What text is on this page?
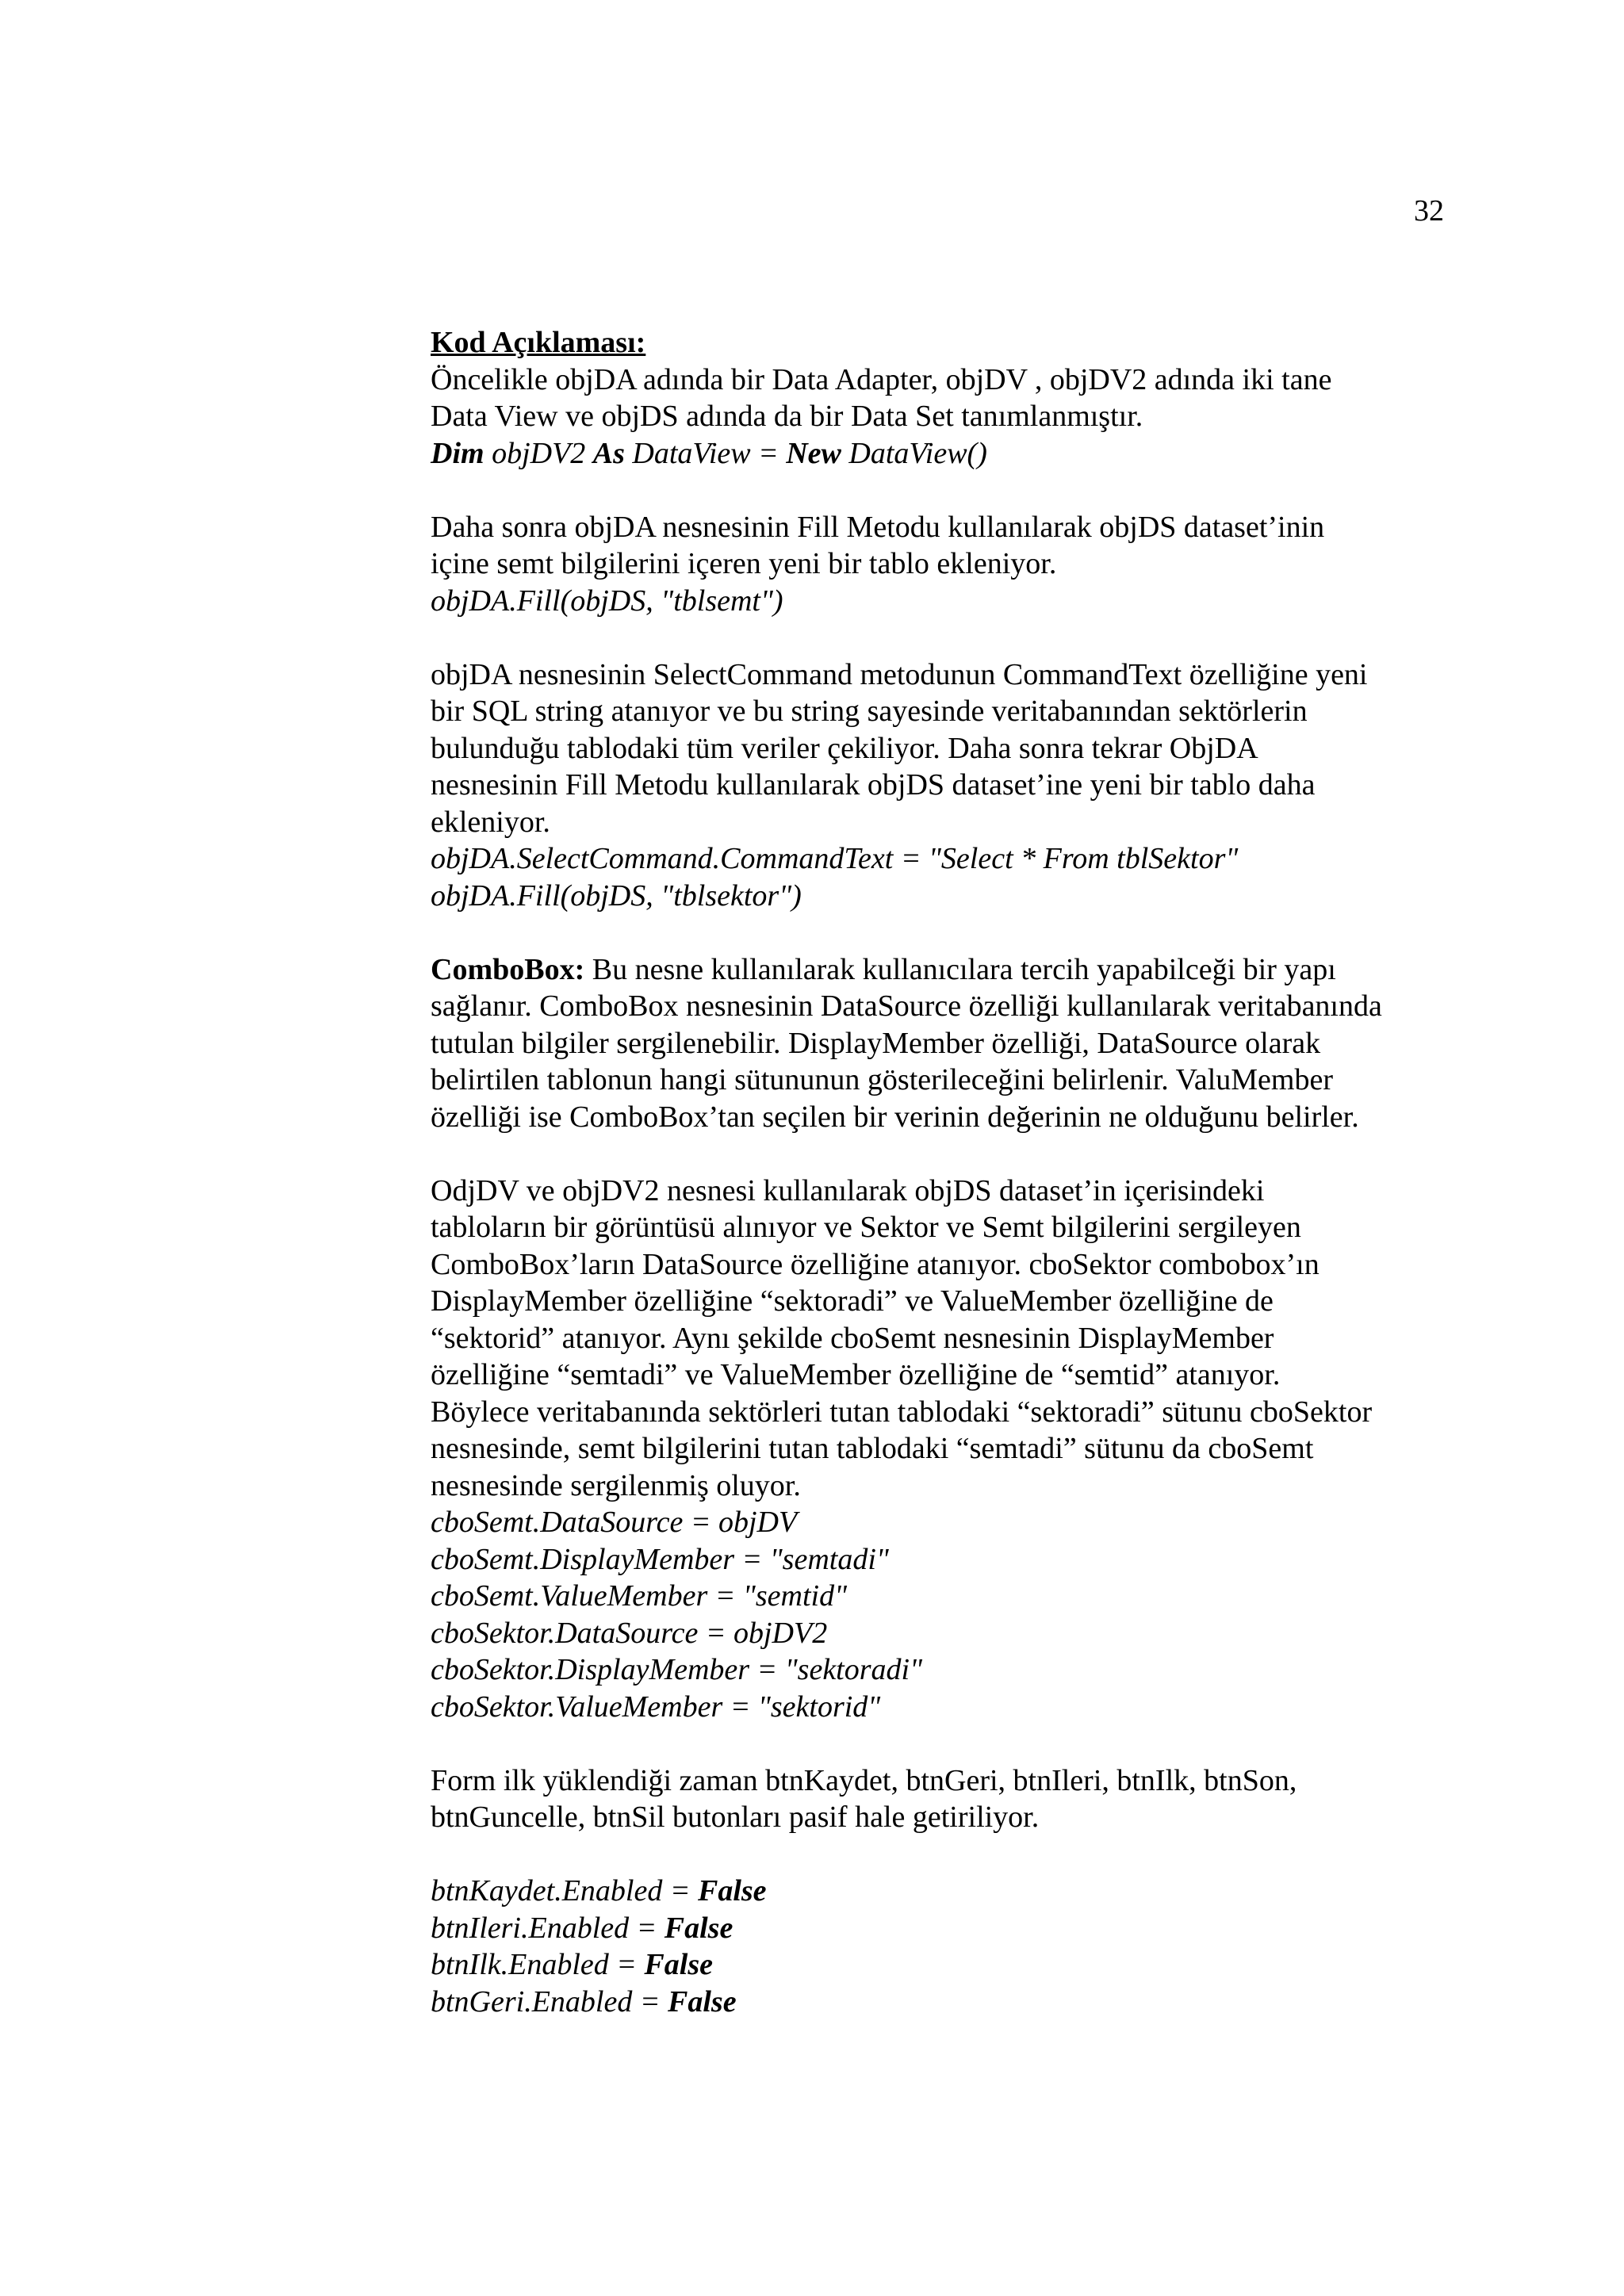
32

Kod Açıklaması:

Öncelikle objDA adında bir Data Adapter, objDV , objDV2 adında iki tane

Data View ve objDS adında da bir Data Set tanımlanmıştır.

Dim objDV2 As DataView = New DataView()

Daha sonra objDA nesnesinin Fill Metodu kullanılarak objDS dataset’inin

içine semt bilgilerini içeren yeni bir tablo ekleniyor.

objDA.Fill(objDS, "tblsemt")

objDA nesnesinin SelectCommand metodunun CommandText özelliğine yeni

bir SQL string atanıyor ve bu string sayesinde veritabanından sektörlerin

bulunduğu tablodaki tüm veriler çekiliyor. Daha sonra tekrar ObjDA

nesnesinin Fill Metodu kullanılarak objDS dataset’ine yeni bir tablo daha

ekleniyor.

objDA.SelectCommand.CommandText = "Select * From tblSektor"

objDA.Fill(objDS, "tblsektor")

ComboBox: Bu nesne kullanılarak kullanıcılara tercih yapabilceği bir yapı

sağlanır. ComboBox nesnesinin DataSource özelliği kullanılarak veritabanında

tutulan bilgiler sergilenebilir. DisplayMember özelliği, DataSource olarak

belirtilen tablonun hangi sütununun gösterileceğini belirlenir. ValuMember

özelliği ise ComboBox’tan seçilen bir verinin değerinin ne olduğunu belirler.

OdjDV ve objDV2 nesnesi kullanılarak objDS dataset’in içerisindeki

tabloların bir görüntüsü alınıyor ve Sektor ve Semt bilgilerini sergileyen

ComboBox’ların DataSource özelliğine atanıyor. cboSektor combobox’ın

DisplayMember özelliğine “sektoradi” ve ValueMember özelliğine de

“sektorid” atanıyor. Aynı şekilde cboSemt nesnesinin DisplayMember

özelliğine “semtadi” ve ValueMember özelliğine de “semtid” atanıyor.

Böylece veritabanında sektörleri tutan tablodaki “sektoradi” sütunu cboSektor

nesnesinde, semt bilgilerini tutan tablodaki “semtadi” sütunu da cboSemt

nesnesinde sergilenmiş oluyor.

cboSemt.DataSource = objDV

cboSemt.DisplayMember = "semtadi"

cboSemt.ValueMember = "semtid"

cboSektor.DataSource = objDV2

cboSektor.DisplayMember = "sektoradi"

cboSektor.ValueMember = "sektorid"

Form ilk yüklendiği zaman btnKaydet, btnGeri, btnIleri, btnIlk, btnSon,

btnGuncelle, btnSil butonları pasif hale getiriliyor.

btnKaydet.Enabled = False

btnIleri.Enabled = False

btnIlk.Enabled = False

btnGeri.Enabled = False
